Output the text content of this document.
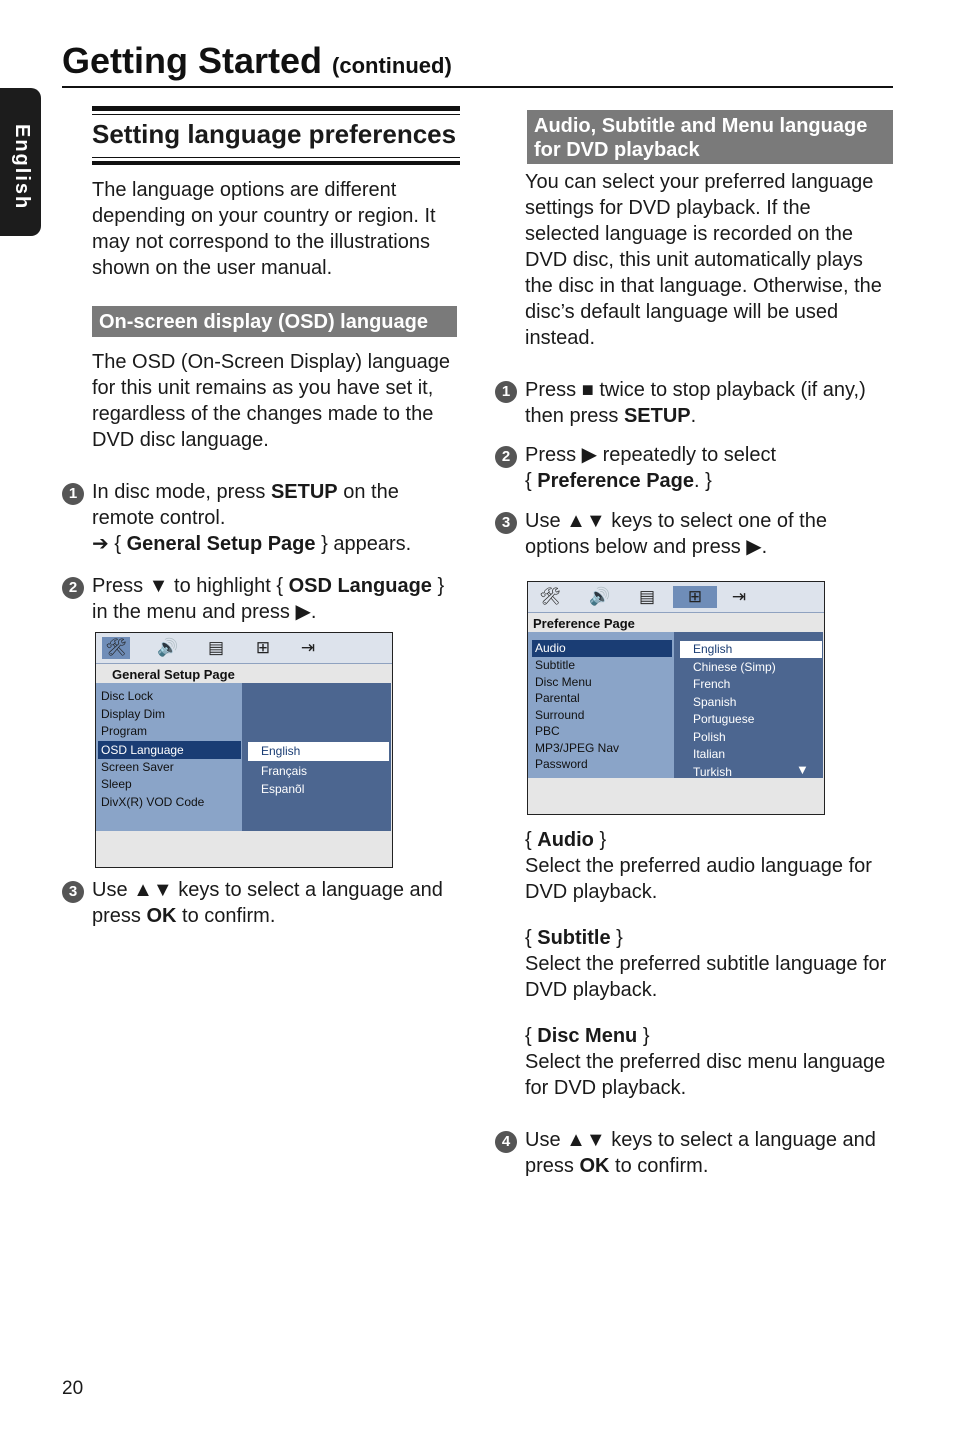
English
Getting Started (continued)
Setting language preferences
The language options are different
depending on your country or region. It
may not correspond to the illustrations
shown on the user manual.
On-screen display (OSD) language
The OSD (On-Screen Display) language
for this unit remains as you have set it,
regardless of the changes made to the
DVD disc language.
1 In disc mode, press SETUP on the
remote control.
➔ { General Setup Page } appears.
2 Press ▼ to highlight { OSD Language }
in the menu and press ▶.
🛠 🔊	▤	⊞	⇥
General Setup Page
Disc Lock
Display Dim
Program
OSD Language
Screen Saver
Sleep
DivX(R) VOD Code
English
Français
Espanõl
3 Use ▲▼ keys to select a language and
press OK to confirm.
Audio, Subtitle and Menu language
for DVD playback
You can select your preferred language
settings for DVD playback. If the
selected language is recorded on the
DVD disc, this unit automatically plays
the disc in that language. Otherwise, the
disc’s default language will be used
instead.
1 Press ■ twice to stop playback (if any,)
then press SETUP.
2 Press ▶ repeatedly to select
{ Preference Page. }
3 Use ▲▼ keys to select one of the
options below and press ▶.
🛠 🔊	▤	⊞	⇥
Preference Page
Audio
Subtitle
Disc Menu
Parental
Surround
PBC
MP3/JPEG Nav
Password
English
Chinese (Simp)
French
Spanish
Portuguese
Polish
Italian
Turkish	▼
{ Audio }
Select the preferred audio language for
DVD playback.
{ Subtitle }
Select the preferred subtitle language for
DVD playback.
{ Disc Menu }
Select the preferred disc menu language
for DVD playback.
4 Use ▲▼ keys to select a language and
press OK to confirm.
20
